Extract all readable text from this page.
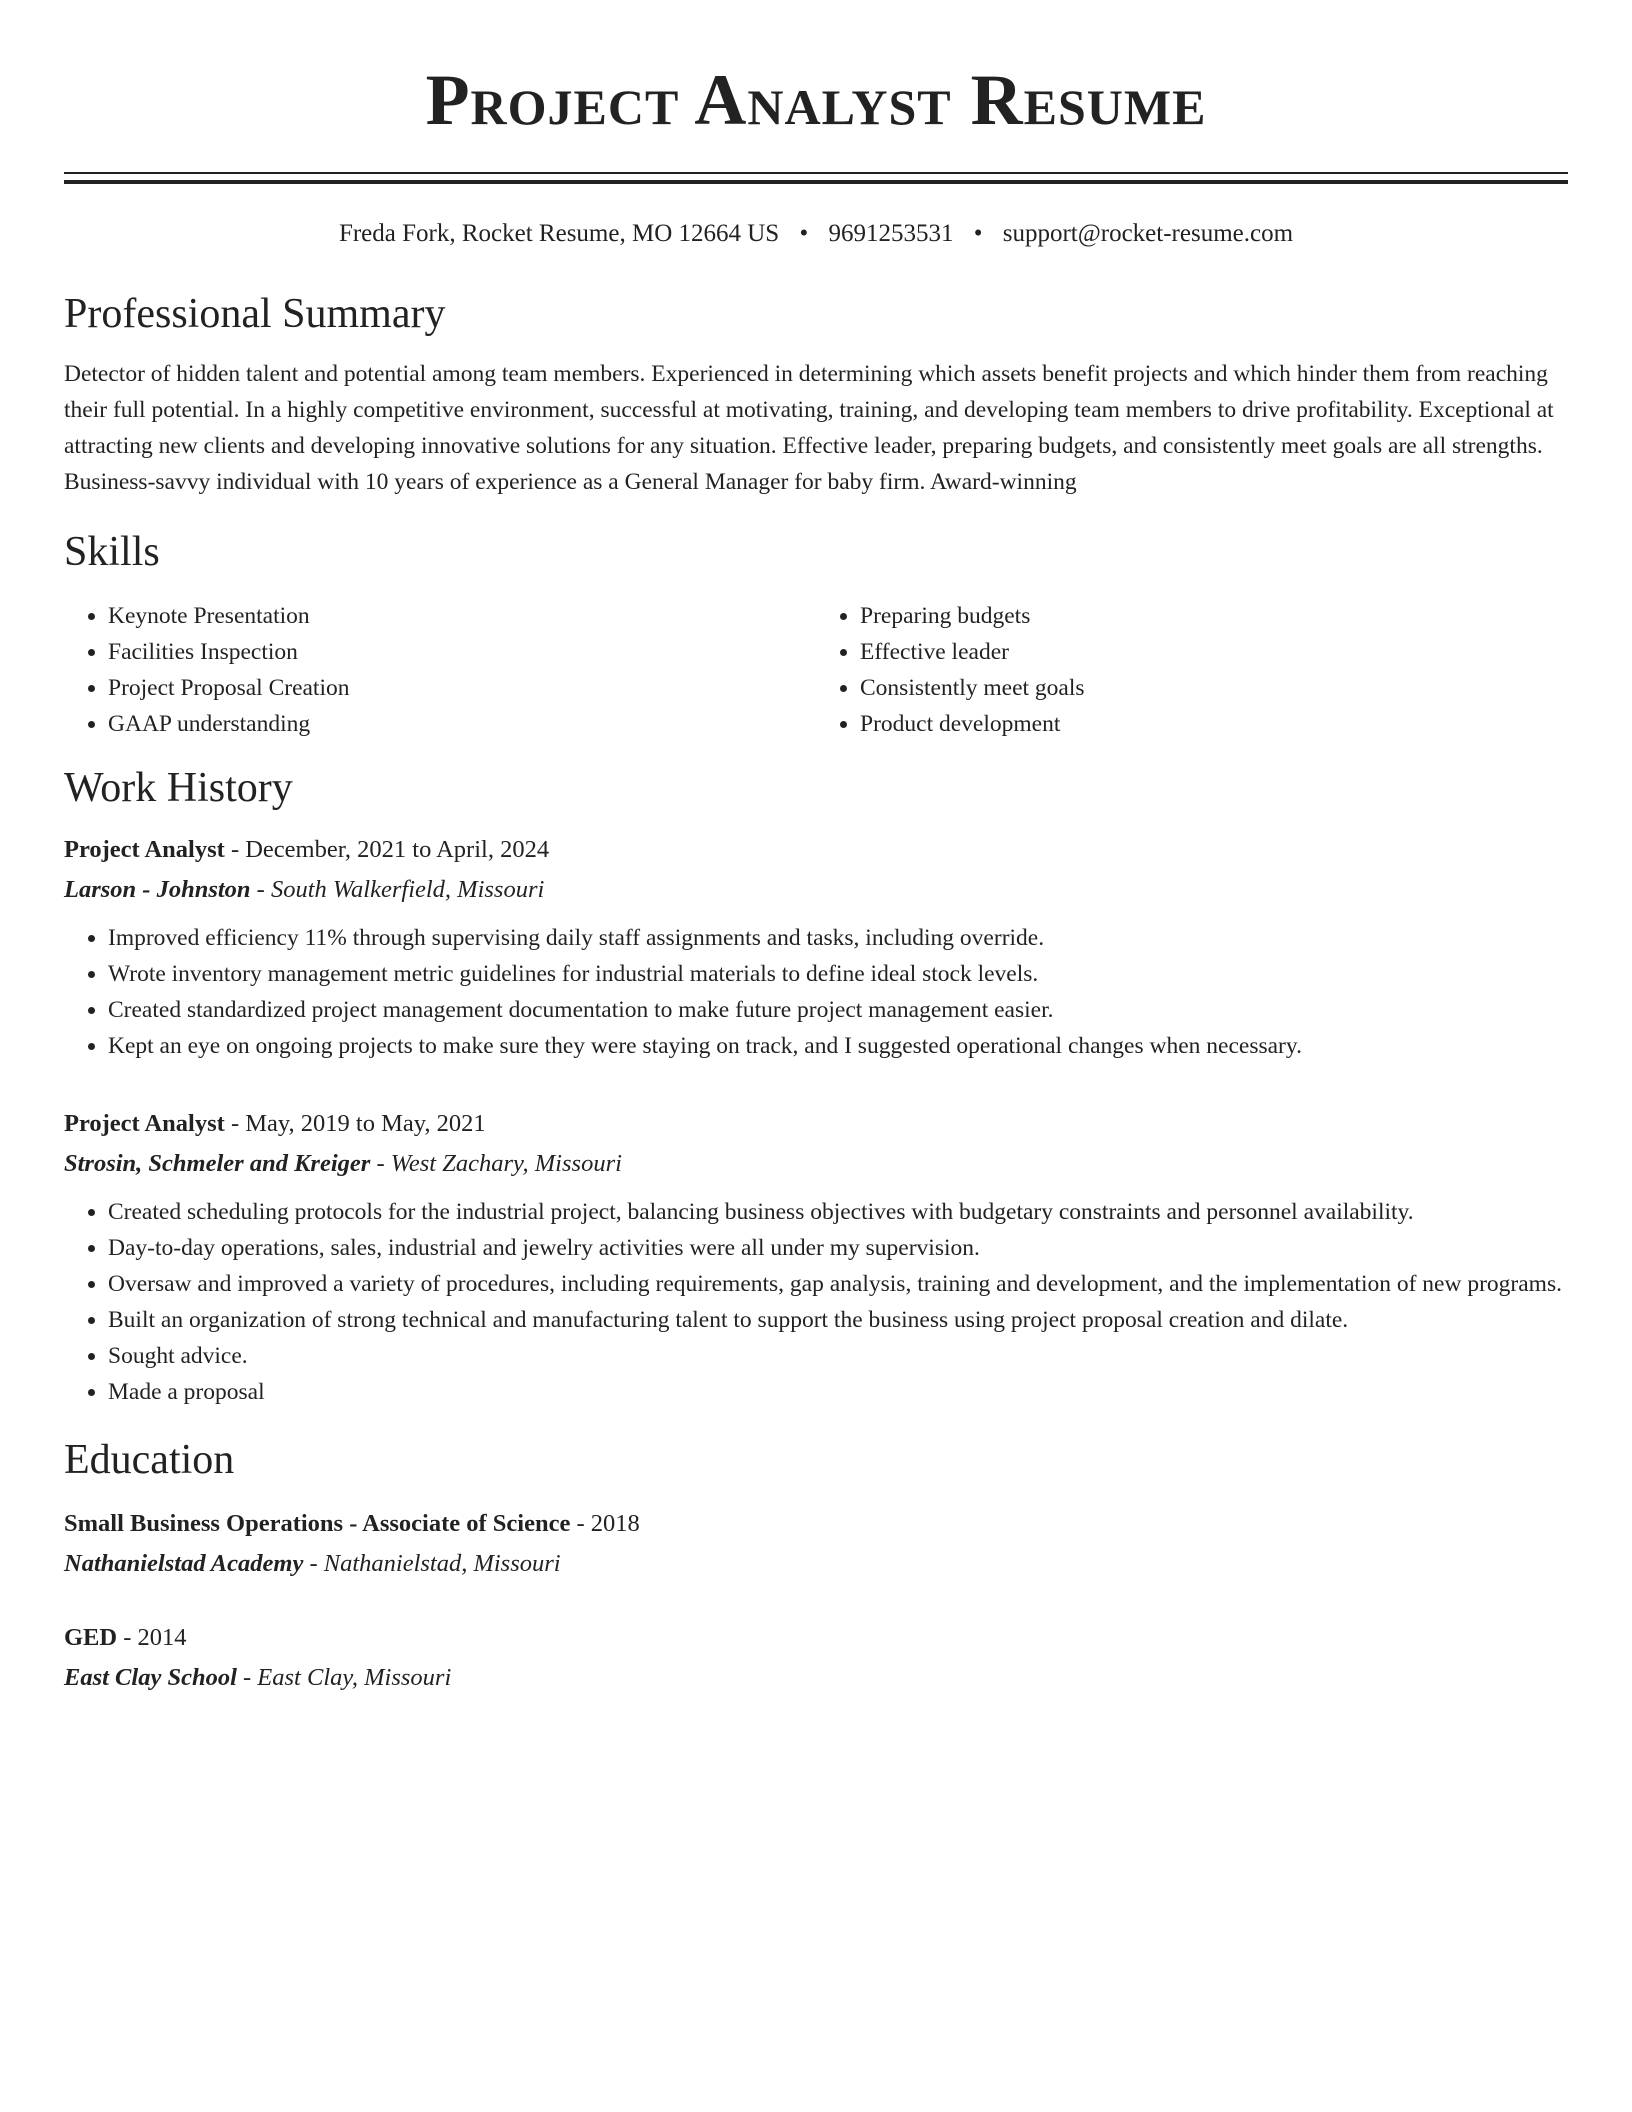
Project Analyst Resume
Freda Fork, Rocket Resume, MO 12664 US • 9691253531 • support@rocket-resume.com
Professional Summary

Detector of hidden talent and potential among team members. Experienced in determining which assets benefit projects and which hinder them from reaching their full potential. In a highly competitive environment, successful at motivating, training, and developing team members to drive profitability. Exceptional at attracting new clients and developing innovative solutions for any situation. Effective leader, preparing budgets, and consistently meet goals are all strengths. Business-savvy individual with 10 years of experience as a General Manager for baby firm. Award-winning

Skills
• Keynote Presentation
• Facilities Inspection
• Project Proposal Creation
• GAAP understanding
• Preparing budgets
• Effective leader
• Consistently meet goals
• Product development
Work History
Project Analyst - December, 2021 to April, 2024
Larson - Johnston - South Walkerfield, Missouri
• Improved efficiency 11% through supervising daily staff assignments and tasks, including override.
• Wrote inventory management metric guidelines for industrial materials to define ideal stock levels.
• Created standardized project management documentation to make future project management easier.
• Kept an eye on ongoing projects to make sure they were staying on track, and I suggested operational changes when necessary.
Project Analyst - May, 2019 to May, 2021
Strosin, Schmeler and Kreiger - West Zachary, Missouri
• Created scheduling protocols for the industrial project, balancing business objectives with budgetary constraints and personnel availability.
• Day-to-day operations, sales, industrial and jewelry activities were all under my supervision.
• Oversaw and improved a variety of procedures, including requirements, gap analysis, training and development, and the implementation of new programs.
• Built an organization of strong technical and manufacturing talent to support the business using project proposal creation and dilate.
• Sought advice.
• Made a proposal
Education
Small Business Operations - Associate of Science - 2018
Nathanielstad Academy - Nathanielstad, Missouri
GED - 2014
East Clay School - East Clay, Missouri
